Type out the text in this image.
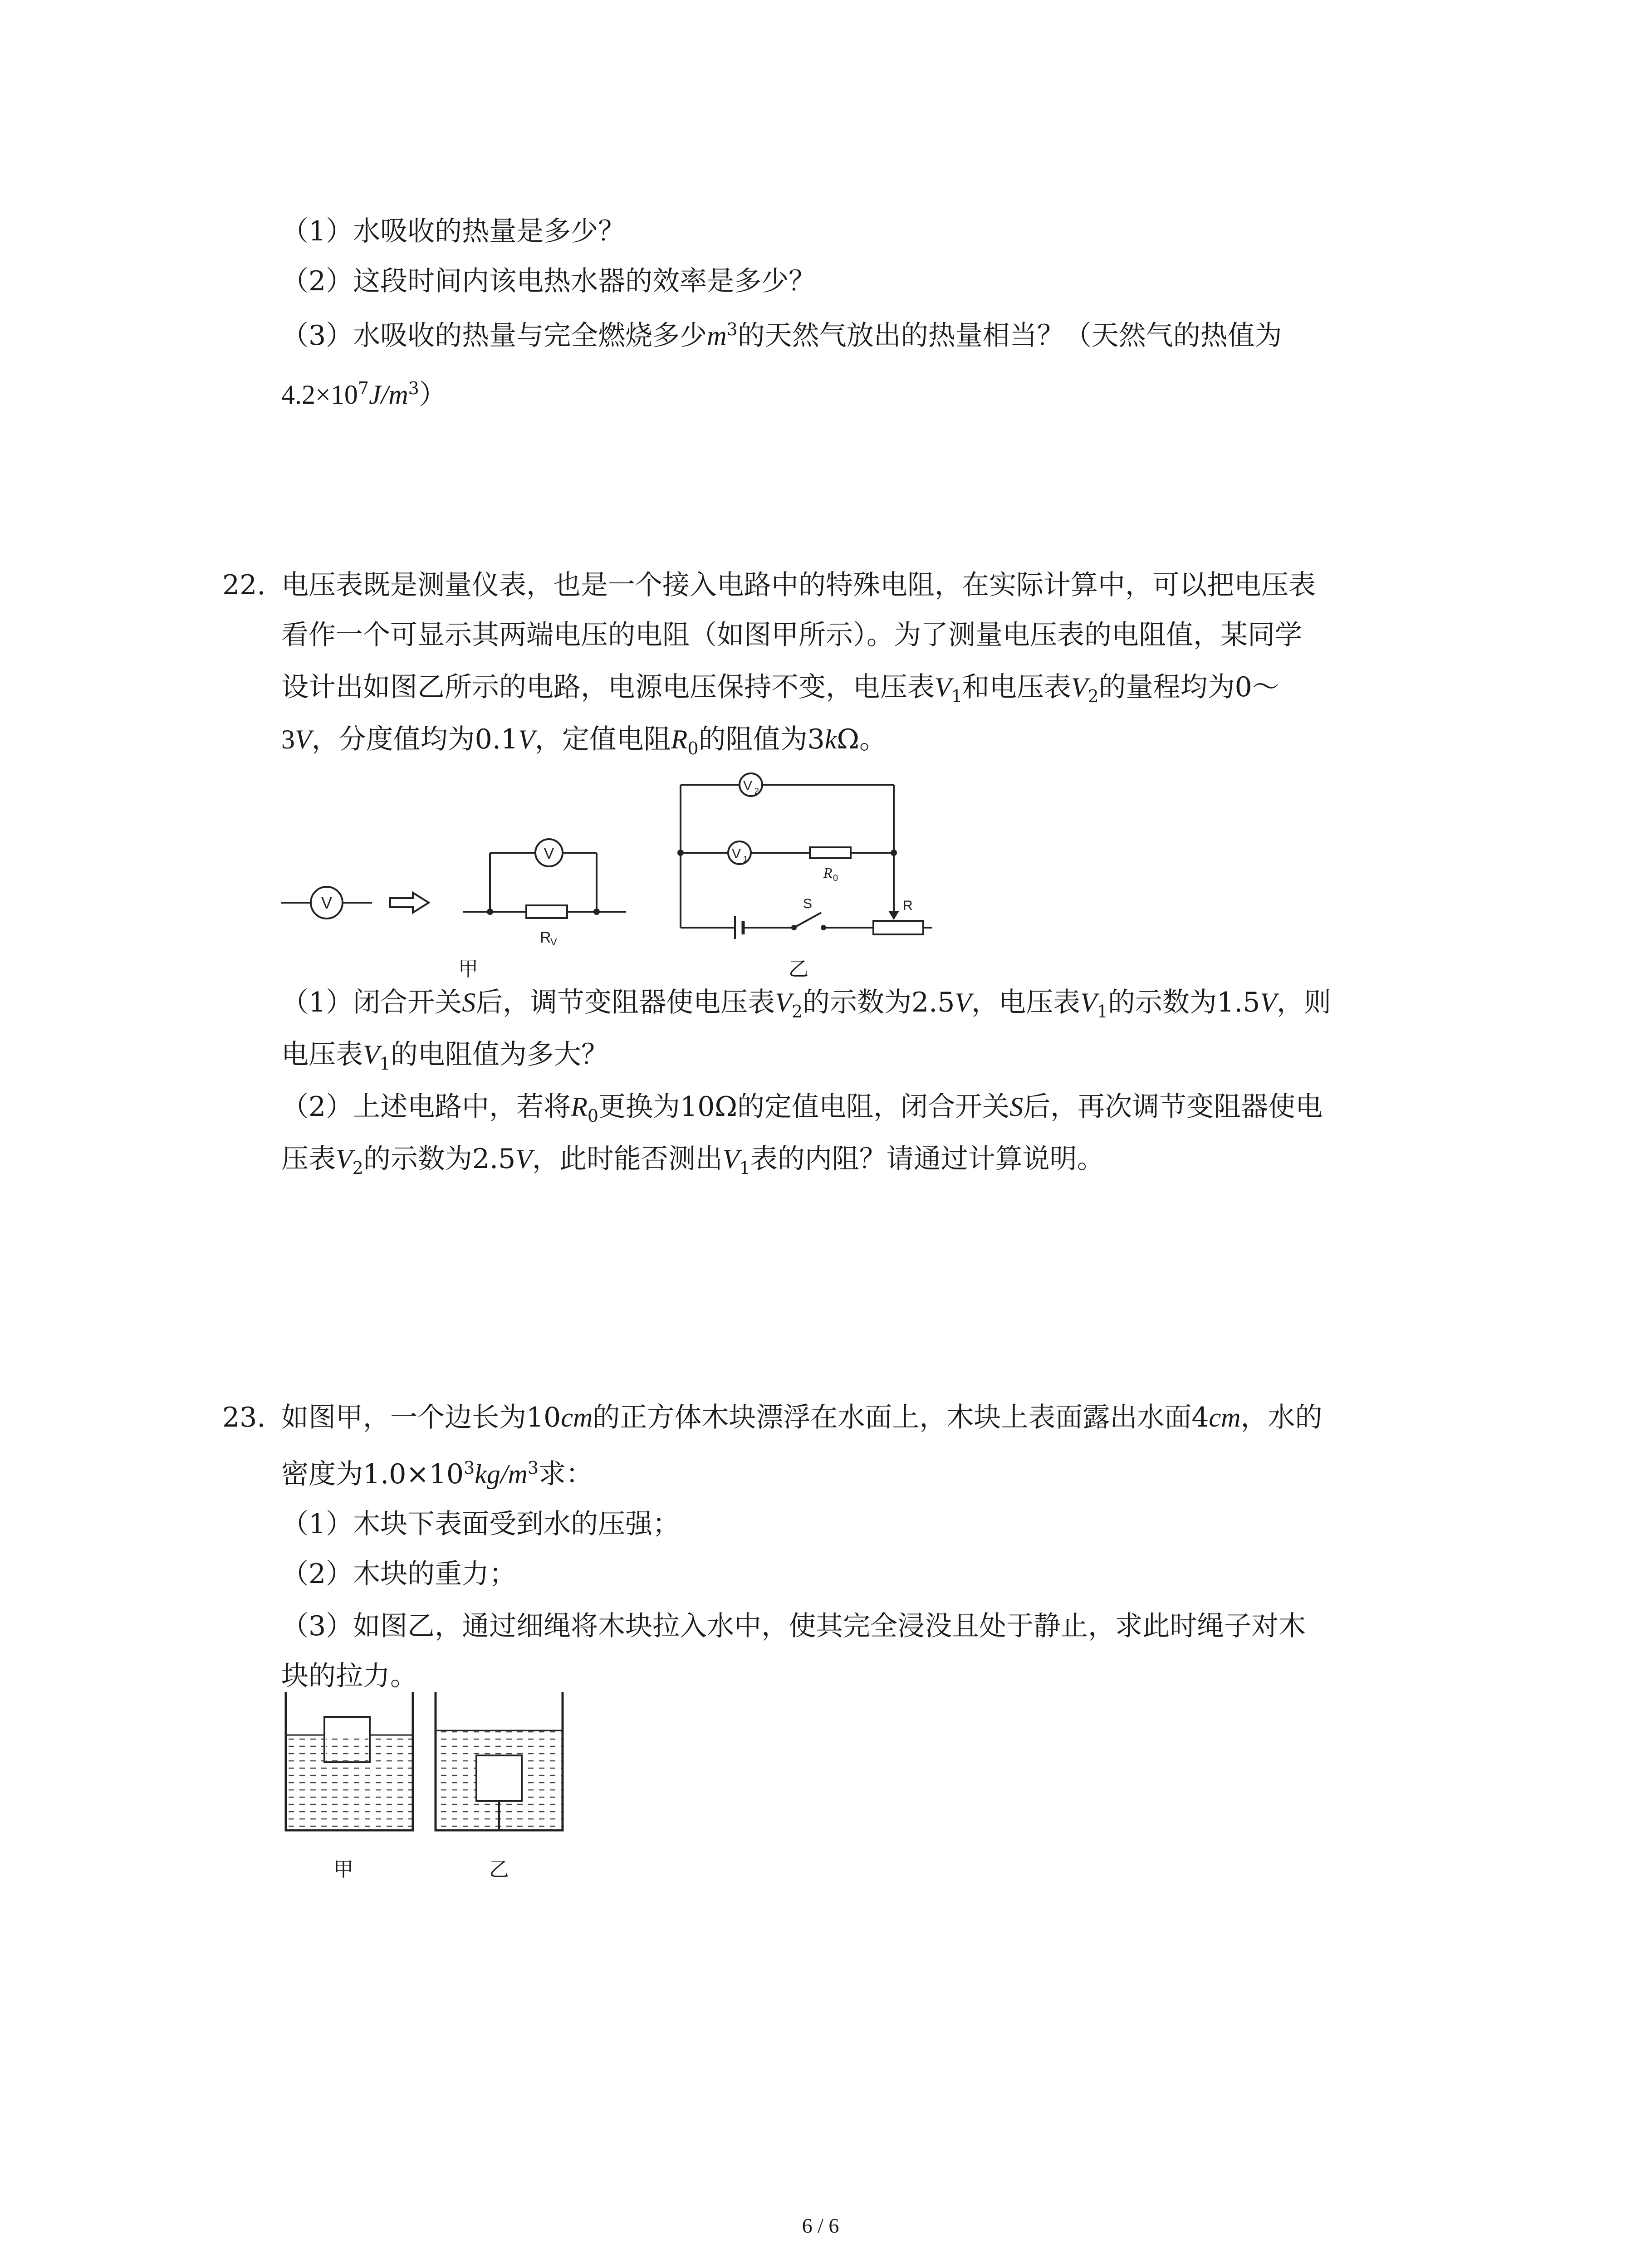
（1）水吸收的热量是多少？
（2）这段时间内该电热水器的效率是多少？
（3）水吸收的热量与完全燃烧多少$m^3$的天然气放出的热量相当？（天然气的热值为
$4.2\times 10^7J/m^3$）
22. 电压表既是测量仪表，也是一个接入电路中的特殊电阻，在实际计算中，可以把电压表
看作一个可显示其两端电压的电阻（如图甲所示）。为了测量电压表的电阻值，某同学
设计出如图乙所示的电路，电源电压保持不变，电压表$V_1$和电压表$V_2$的量程均为0～
3V，分度值均为0.1V，定值电阻$R_0$的阻值为3kΩ。
V
V
R
V
甲
V 2
V 1
R 0
S	R
乙
（1）闭合开关S后，调节变阻器使电压表$V_2$的示数为2.5V，电压表$V_1$的示数为1.5V，则
电压表$V_1$的电阻值为多大？
（2）上述电路中，若将$R_0$更换为10Ω的定值电阻，闭合开关S后，再次调节变阻器使电
压表$V_2$的示数为2.5V，此时能否测出$V_1$表的内阻？请通过计算说明。
23. 如图甲，一个边长为10cm的正方体木块漂浮在水面上，木块上表面露出水面4cm，水的
密度为$1.0\times 10^3kg/m^3$求：
（1）木块下表面受到水的压强；
（2）木块的重力；
（3）如图乙，通过细绳将木块拉入水中，使其完全浸没且处于静止，求此时绳子对木
块的拉力。
甲	乙
6 / 6
